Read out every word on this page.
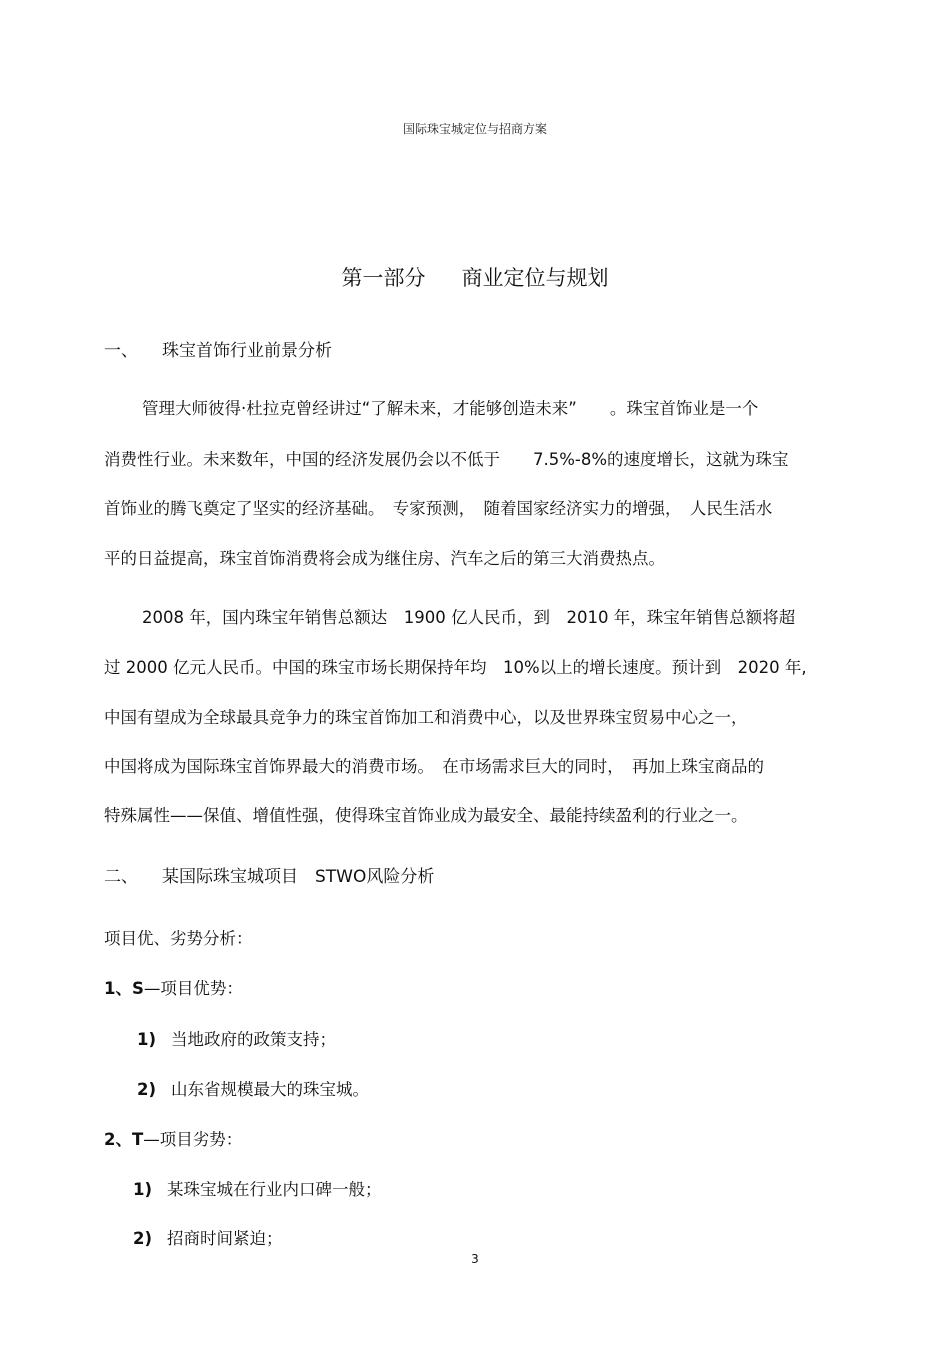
国际珠宝城定位与招商方案
第一部分 商业定位与规划
一、 珠宝首饰行业前景分析
管理大师彼得·杜拉克曾经讲过“了解未来，才能够创造未来”　　。珠宝首饰业是一个
消费性行业。未来数年，中国的经济发展仍会以不低于　　7.5%-8%的速度增长，这就为珠宝
首饰业的腾飞奠定了坚实的经济基础。　专家预测，　随着国家经济实力的增强，　人民生活水
平的日益提高，珠宝首饰消费将会成为继住房、汽车之后的第三大消费热点。
2008 年，国内珠宝年销售总额达　1900 亿人民币，到　2010 年，珠宝年销售总额将超
过 2000 亿元人民币。中国的珠宝市场长期保持年均　10%以上的增长速度。预计到　2020 年,
中国有望成为全球最具竞争力的珠宝首饰加工和消费中心，以及世界珠宝贸易中心之一，
中国将成为国际珠宝首饰界最大的消费市场。　在市场需求巨大的同时，　再加上珠宝商品的
特殊属性——保值、增值性强，使得珠宝首饰业成为最安全、最能持续盈利的行业之一。
二、 某国际珠宝城项目　STWO风险分析
项目优、劣势分析：
1、S—项目优势：
1) 当地政府的政策支持；
2) 山东省规模最大的珠宝城。
2、T—项目劣势：
1) 某珠宝城在行业内口碑一般；
2) 招商时间紧迫；
3
